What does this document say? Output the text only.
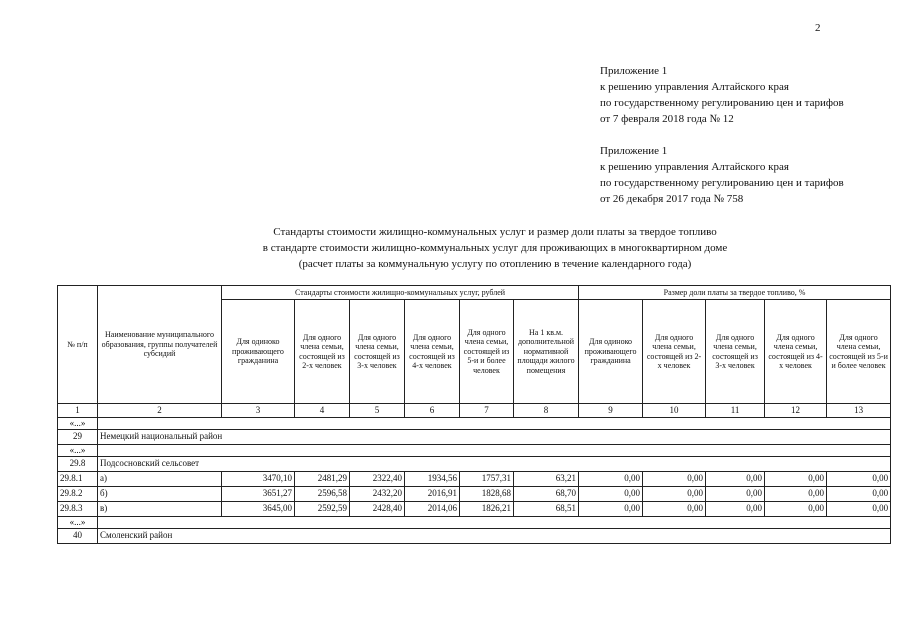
2
Приложение 1
к решению управления Алтайского края
по государственному регулированию цен и тарифов
от 7 февраля 2018 года № 12
Приложение 1
к решению управления Алтайского края
по государственному регулированию цен и тарифов
от 26 декабря 2017 года № 758
Стандарты стоимости жилищно-коммунальных услуг и размер доли платы за твердое топливо
в стандарте стоимости жилищно-коммунальных услуг для проживающих в многоквартирном доме
(расчет платы за коммунальную услугу по отоплению в течение календарного года)
№ п/п	Наименование муниципального образования, группы получателей субсидий	Стандарты стоимости жилищно-коммунальных услуг, рублей						Размер доли платы за твердое топливо, %				
		Для одиноко проживающего гражданина	Для одного члена семьи, состоящей из 2-х человек	Для одного члена семьи, состоящей из 3-х человек	Для одного члена семьи, состоящей из 4-х человек	Для одного члена семьи, состоящей из 5-и и более человек	На 1 кв.м. дополнительной нормативной площади жилого помещения	Для одиноко проживающего гражданина	Для одного члена семьи, состоящей из 2-х человек	Для одного члена семьи, состоящей из 3-х человек	Для одного члена семьи, состоящей из 4-х человек	Для одного члена семьи, состоящей из 5-и и более человек
1	2	3	4	5	6	7	8	9	10	11	12	13
«...»												
29	Немецкий национальный район											
«...»												
29.8	Подсосновский сельсовет											
29.8.1	а)	3470,10	2481,29	2322,40	1934,56	1757,31	63,21	0,00	0,00	0,00	0,00	0,00
29.8.2	б)	3651,27	2596,58	2432,20	2016,91	1828,68	68,70	0,00	0,00	0,00	0,00	0,00
29.8.3	в)	3645,00	2592,59	2428,40	2014,06	1826,21	68,51	0,00	0,00	0,00	0,00	0,00
«...»												
40	Смоленский район											
